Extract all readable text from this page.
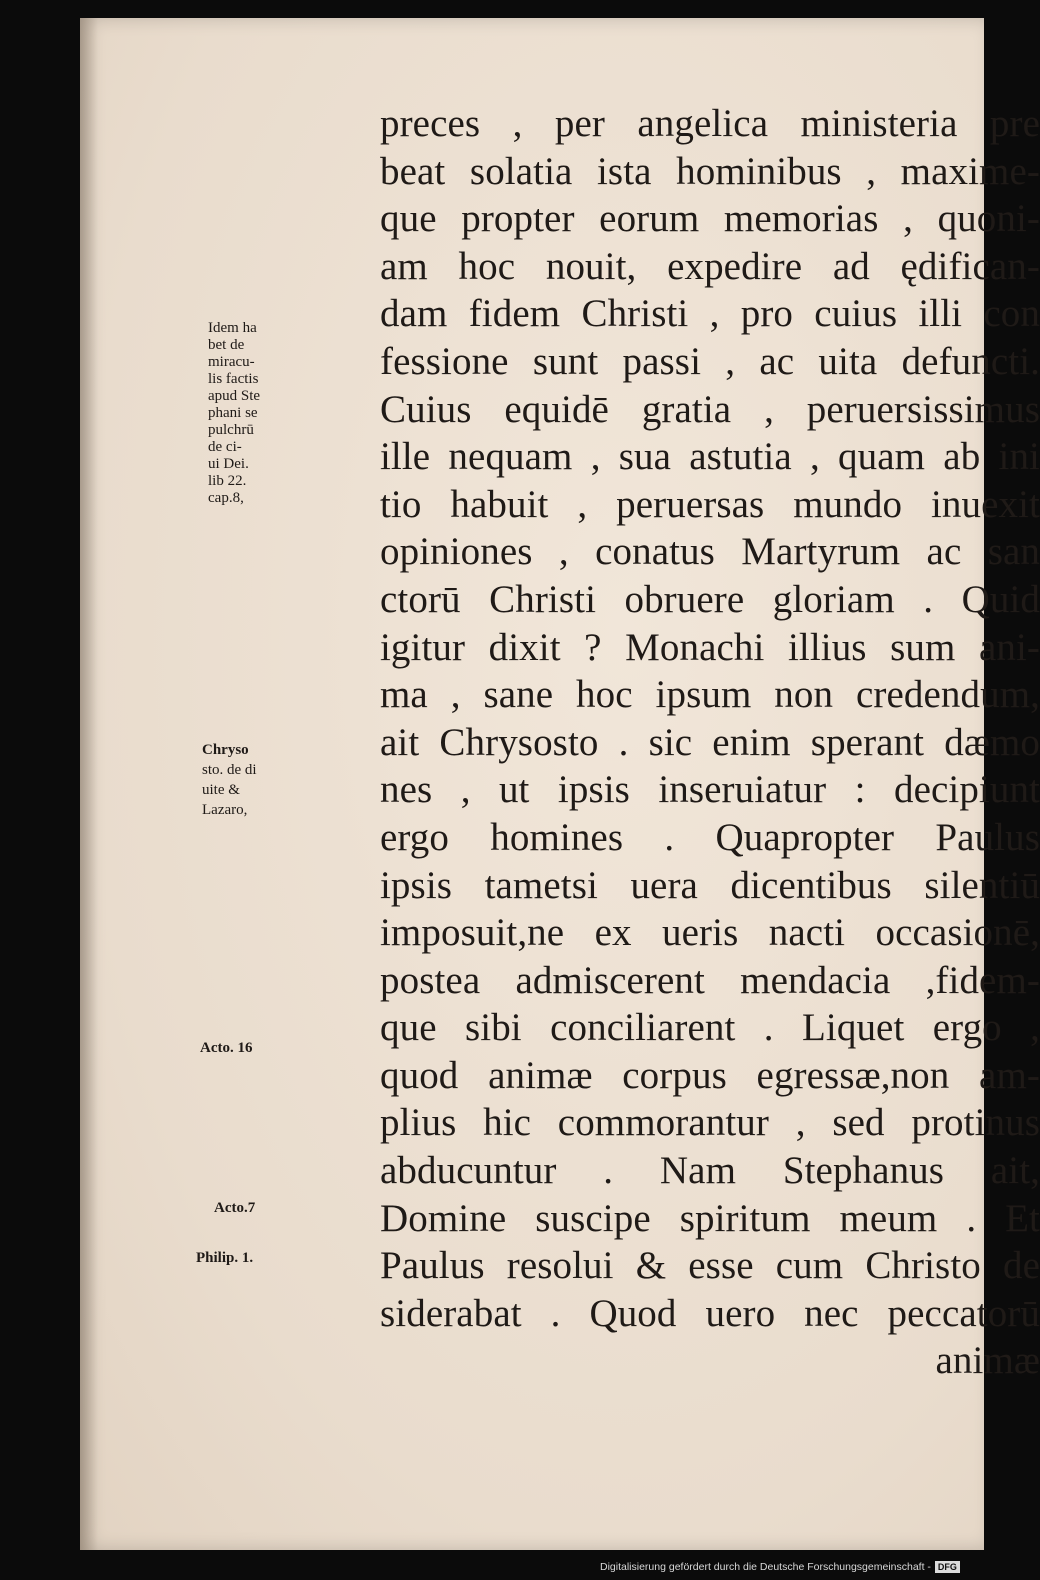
preces , per angelica ministeria pre
beat solatia ista hominibus , maxime-
que propter eorum memorias , quoni-
am hoc nouit, expedire ad ędifican-
dam fidem Christi , pro cuius illi con
fessione sunt passi , ac uita defuncti.
Cuius equidē gratia , peruersissimus
ille nequam , sua astutia , quam ab ini
tio habuit , peruersas mundo inuexit
opiniones , conatus Martyrum ac san
ctorū Christi obruere gloriam . Quid
igitur dixit ? Monachi illius sum ani-
ma , sane hoc ipsum non credendum,
ait Chrysosto . sic enim sperant dæmo
nes , ut ipsis inseruiatur : decipiunt
ergo homines . Quapropter Paulus
ipsis tametsi uera dicentibus silentiū
imposuit,ne ex ueris nacti occasionē,
postea admiscerent mendacia ,fidem-
que sibi conciliarent . Liquet ergo ,
quod animæ corpus egressæ,non am-
plius hic commorantur , sed protinus
abducuntur . Nam Stephanus ait,
Domine suscipe spiritum meum . Et
Paulus resolui & esse cum Christo de
siderabat . Quod uero nec peccatorū
animæ
Idem ha
bet de
miracu-
lis factis
apud Ste
phani se
pulchrū
de ci-
ui Dei.
lib 22.
cap.8,
Chryso
sto. de di
uite &
Lazaro,
Acto. 16
Acto.7
Philip. 1.
Digitalisierung gefördert durch die Deutsche Forschungsgemeinschaft - DFG
